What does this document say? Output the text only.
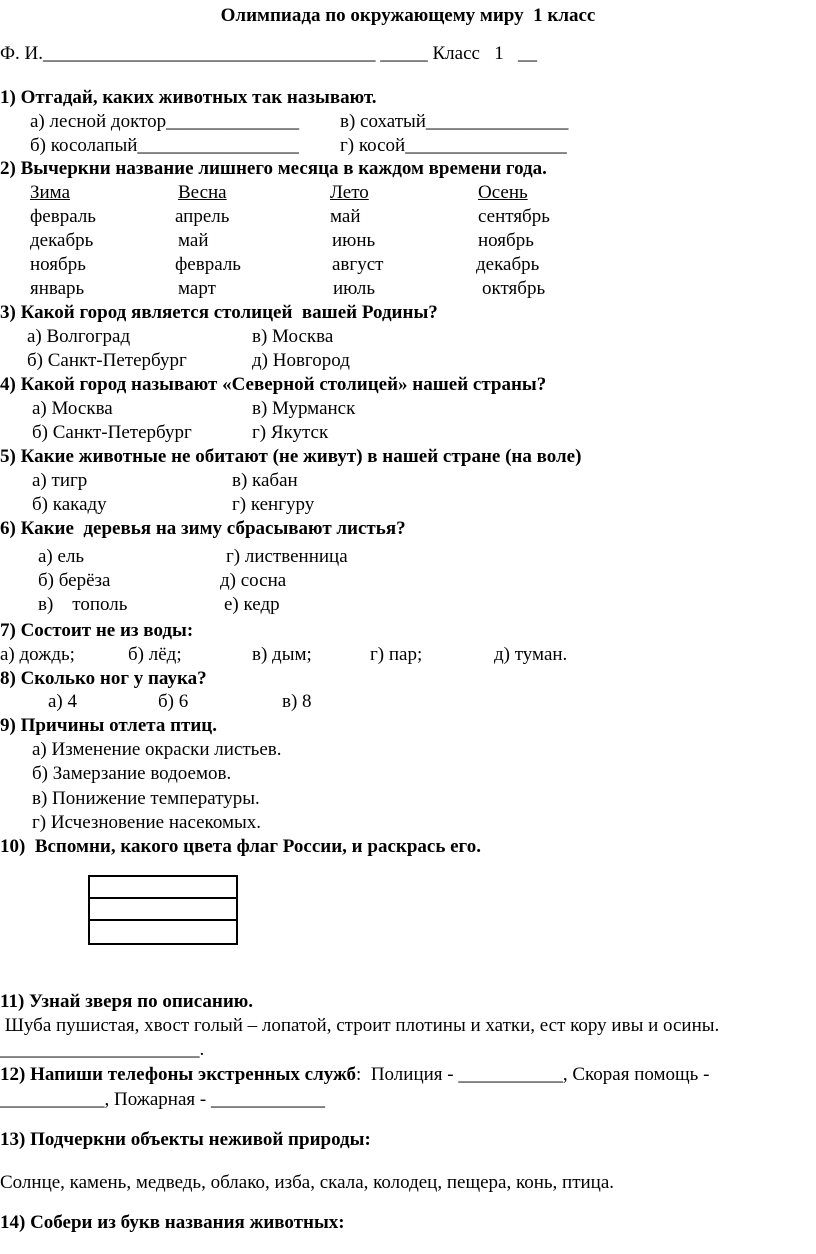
Олимпиада по окружающему миру  1 класс
Ф. И.___________________________________ _____ Класс 1   __
1) Отгадай, каких животных так называют.
а) лесной доктор______________ в) сохатый_______________
б) косолапый_________________ г) косой_________________
2) Вычеркни название лишнего месяца в каждом времени года.
Зима	Весна	Лето	Осень
февраль	апрель	май	сентябрь
декабрь	май	июнь	ноябрь
ноябрь	февраль	август	декабрь
январь	март	июль	октябрь
3) Какой город является столицей  вашей Родины?
а) Волгоград	в) Москва
б) Санкт-Петербург	д) Новгород
4) Какой город называют «Северной столицей» нашей страны?
а) Москва	в) Мурманск
б) Санкт-Петербург	г) Якутск
5) Какие животные не обитают (не живут) в нашей стране (на воле)
а) тигр	в) кабан
б) какаду	г) кенгуру
6) Какие  деревья на зиму сбрасывают листья?
а) ель	г) лиственница
б) берёза	д) сосна
в)    тополь	е) кедр
7) Состоит не из воды:
а) дождь;	б) лёд;	в) дым;	г) пар;	д) туман.
8) Сколько ног у паука?
а) 4	б) 6	в) 8
9) Причины отлета птиц.
а) Изменение окраски листьев.
б) Замерзание водоемов.
в) Понижение температуры.
г) Исчезновение насекомых.
10)  Вспомни, какого цвета флаг России, и раскрась его.
11) Узнай зверя по описанию.
Шуба пушистая, хвост голый – лопатой, строит плотины и хатки, ест кору ивы и осины.
_____________________.
12) Напиши телефоны экстренных служб:  Полиция - ___________, Скорая помощь -
___________, Пожарная - ____________
13) Подчеркни объекты неживой природы:
Солнце, камень, медведь, облако, изба, скала, колодец, пещера, конь, птица.
14) Собери из букв названия животных:
